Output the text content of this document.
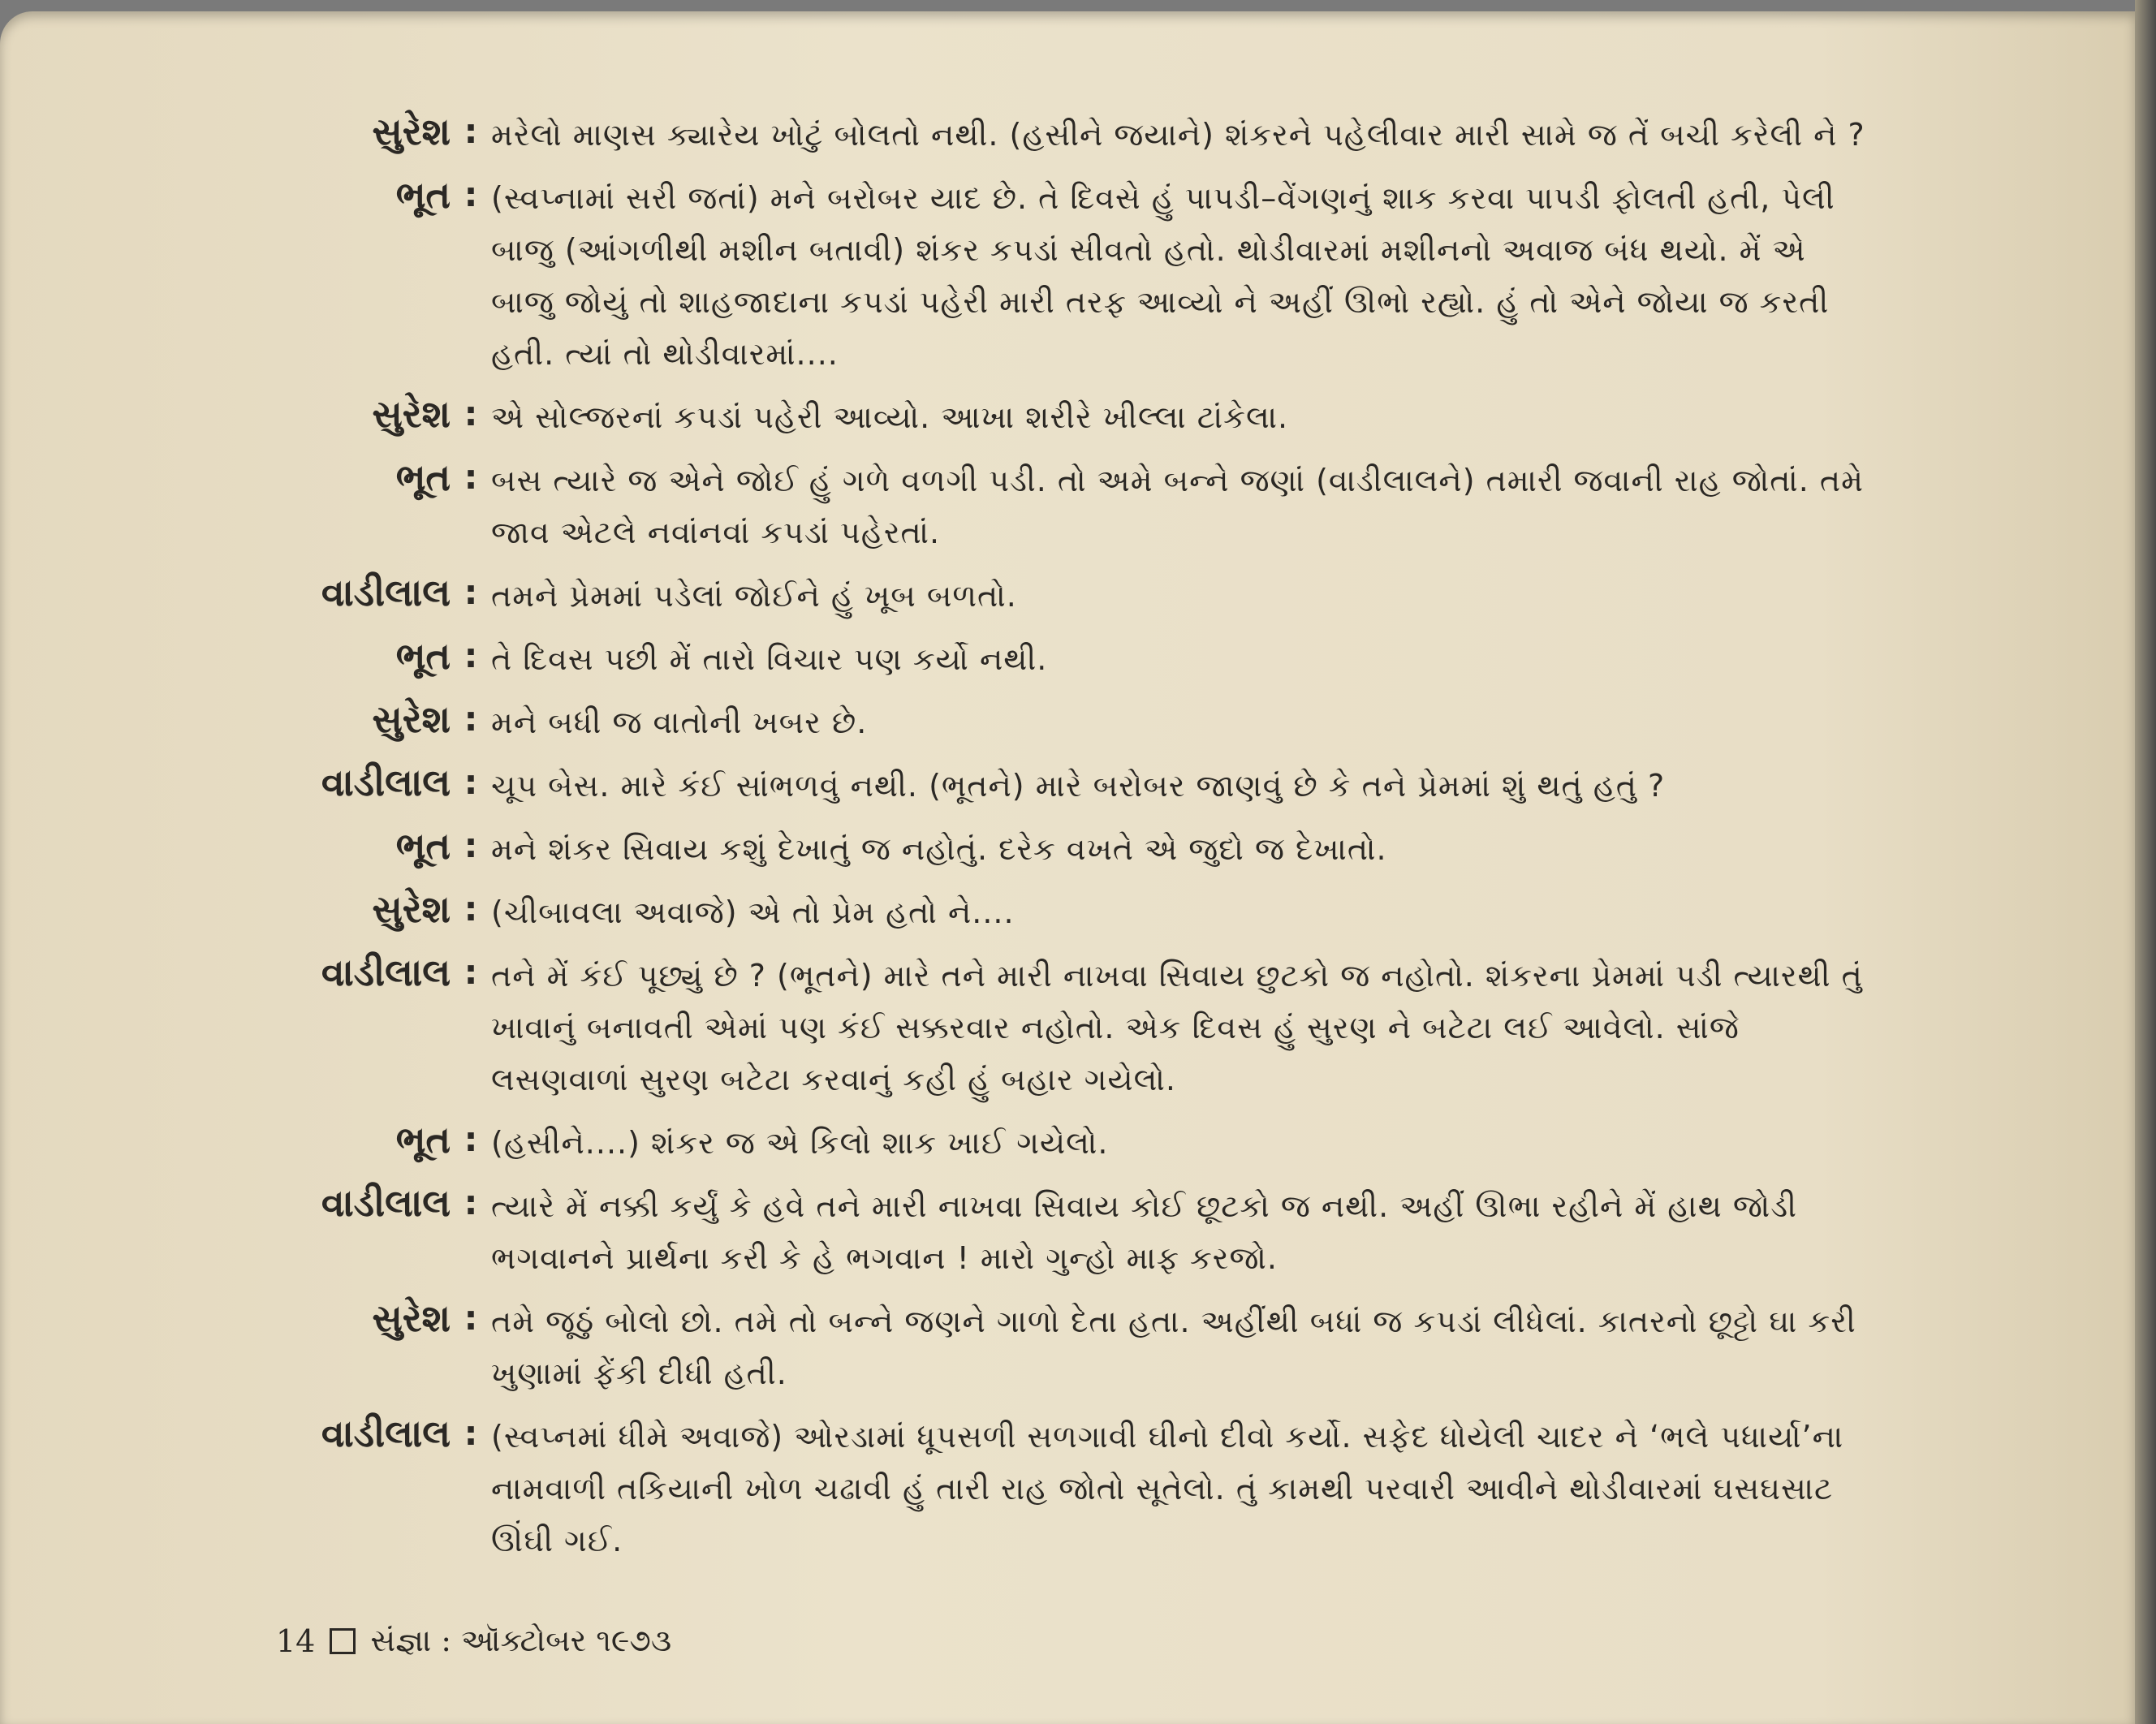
સુરેશ : મરેલો માણસ ક્યારેય ખોટું બોલતો નથી. (હસીને જયાને) શંકરને પહેલીવાર મારી સામે જ તેં બચી કરેલી ને ?
ભૂત : (સ્વપ્નામાં સરી જતાં) મને બરોબર યાદ છે. તે દિવસે હું પાપડી–વેંગણનું શાક કરવા પાપડી ફોલતી હતી, પેલી બાજુ (આંગળીથી મશીન બતાવી) શંકર કપડાં સીવતો હતો. થોડીવારમાં મશીનનો અવાજ બંધ થયો. મેં એ બાજુ જોયું તો શાહજાદાના કપડાં પહેરી મારી તરફ આવ્યો ને અહીં ઊભો રહ્યો. હું તો એને જોયા જ કરતી હતી. ત્યાં તો થોડીવારમાં....
સુરેશ : એ સોલ્જરનાં કપડાં પહેરી આવ્યો. આખા શરીરે ખીલ્લા ટાંકેલા.
ભૂત : બસ ત્યારે જ એને જોઈ હું ગળે વળગી પડી. તો અમે બન્ને જણાં (વાડીલાલને) તમારી જવાની રાહ જોતાં. તમે જાવ એટલે નવાંનવાં કપડાં પહેરતાં.
વાડીલાલ : તમને પ્રેમમાં પડેલાં જોઈને હું ખૂબ બળતો.
ભૂત : તે દિવસ પછી મેં તારો વિચાર પણ કર્યો નથી.
સુરેશ : મને બધી જ વાતોની ખબર છે.
વાડીલાલ : ચૂપ બેસ. મારે કંઈ સાંભળવું નથી. (ભૂતને) મારે બરોબર જાણવું છે કે તને પ્રેમમાં શું થતું હતું ?
ભૂત : મને શંકર સિવાય કશું દેખાતું જ નહોતું. દરેક વખતે એ જુદો જ દેખાતો.
સુરેશ : (ચીબાવલા અવાજે) એ તો પ્રેમ હતો ને....
વાડીલાલ : તને મેં કંઈ પૂછ્યું છે ? (ભૂતને) મારે તને મારી નાખવા સિવાય છુટકો જ નહોતો. શંકરના પ્રેમમાં પડી ત્યારથી તું ખાવાનું બનાવતી એમાં પણ કંઈ સક્કરવાર નહોતો. એક દિવસ હું સુરણ ને બટેટા લઈ આવેલો. સાંજે લસણવાળાં સુરણ બટેટા કરવાનું કહી હું બહાર ગયેલો.
ભૂત : (હસીને....) શંકર જ એ કિલો શાક ખાઈ ગયેલો.
વાડીલાલ : ત્યારે મેં નક્કી કર્યું કે હવે તને મારી નાખવા સિવાય કોઈ છૂટકો જ નથી. અહીં ઊભા રહીને મેં હાથ જોડી ભગવાનને પ્રાર્થના કરી કે હે ભગવાન ! મારો ગુન્હો માફ કરજો.
સુરેશ : તમે જૂઠું બોલો છો. તમે તો બન્ને જણને ગાળો દેતા હતા. અહીંથી બધાં જ કપડાં લીધેલાં. કાતરનો છૂટ્ટો ઘા કરી ખુણામાં ફેંકી દીધી હતી.
વાડીલાલ : (સ્વપ્નમાં ધીમે અવાજે) ઓરડામાં ધૂપસળી સળગાવી ઘીનો દીવો કર્યો. સફેદ ધોયેલી ચાદર ને ‘ભલે પધાર્યા’ના નામવાળી તકિયાની ખોળ ચઢાવી હું તારી રાહ જોતો સૂતેલો. તું કામથી પરવારી આવીને થોડીવારમાં ઘસઘસાટ ઊંઘી ગઈ.
14 સંજ્ઞા : ઑક્ટોબર ૧૯૭૩
